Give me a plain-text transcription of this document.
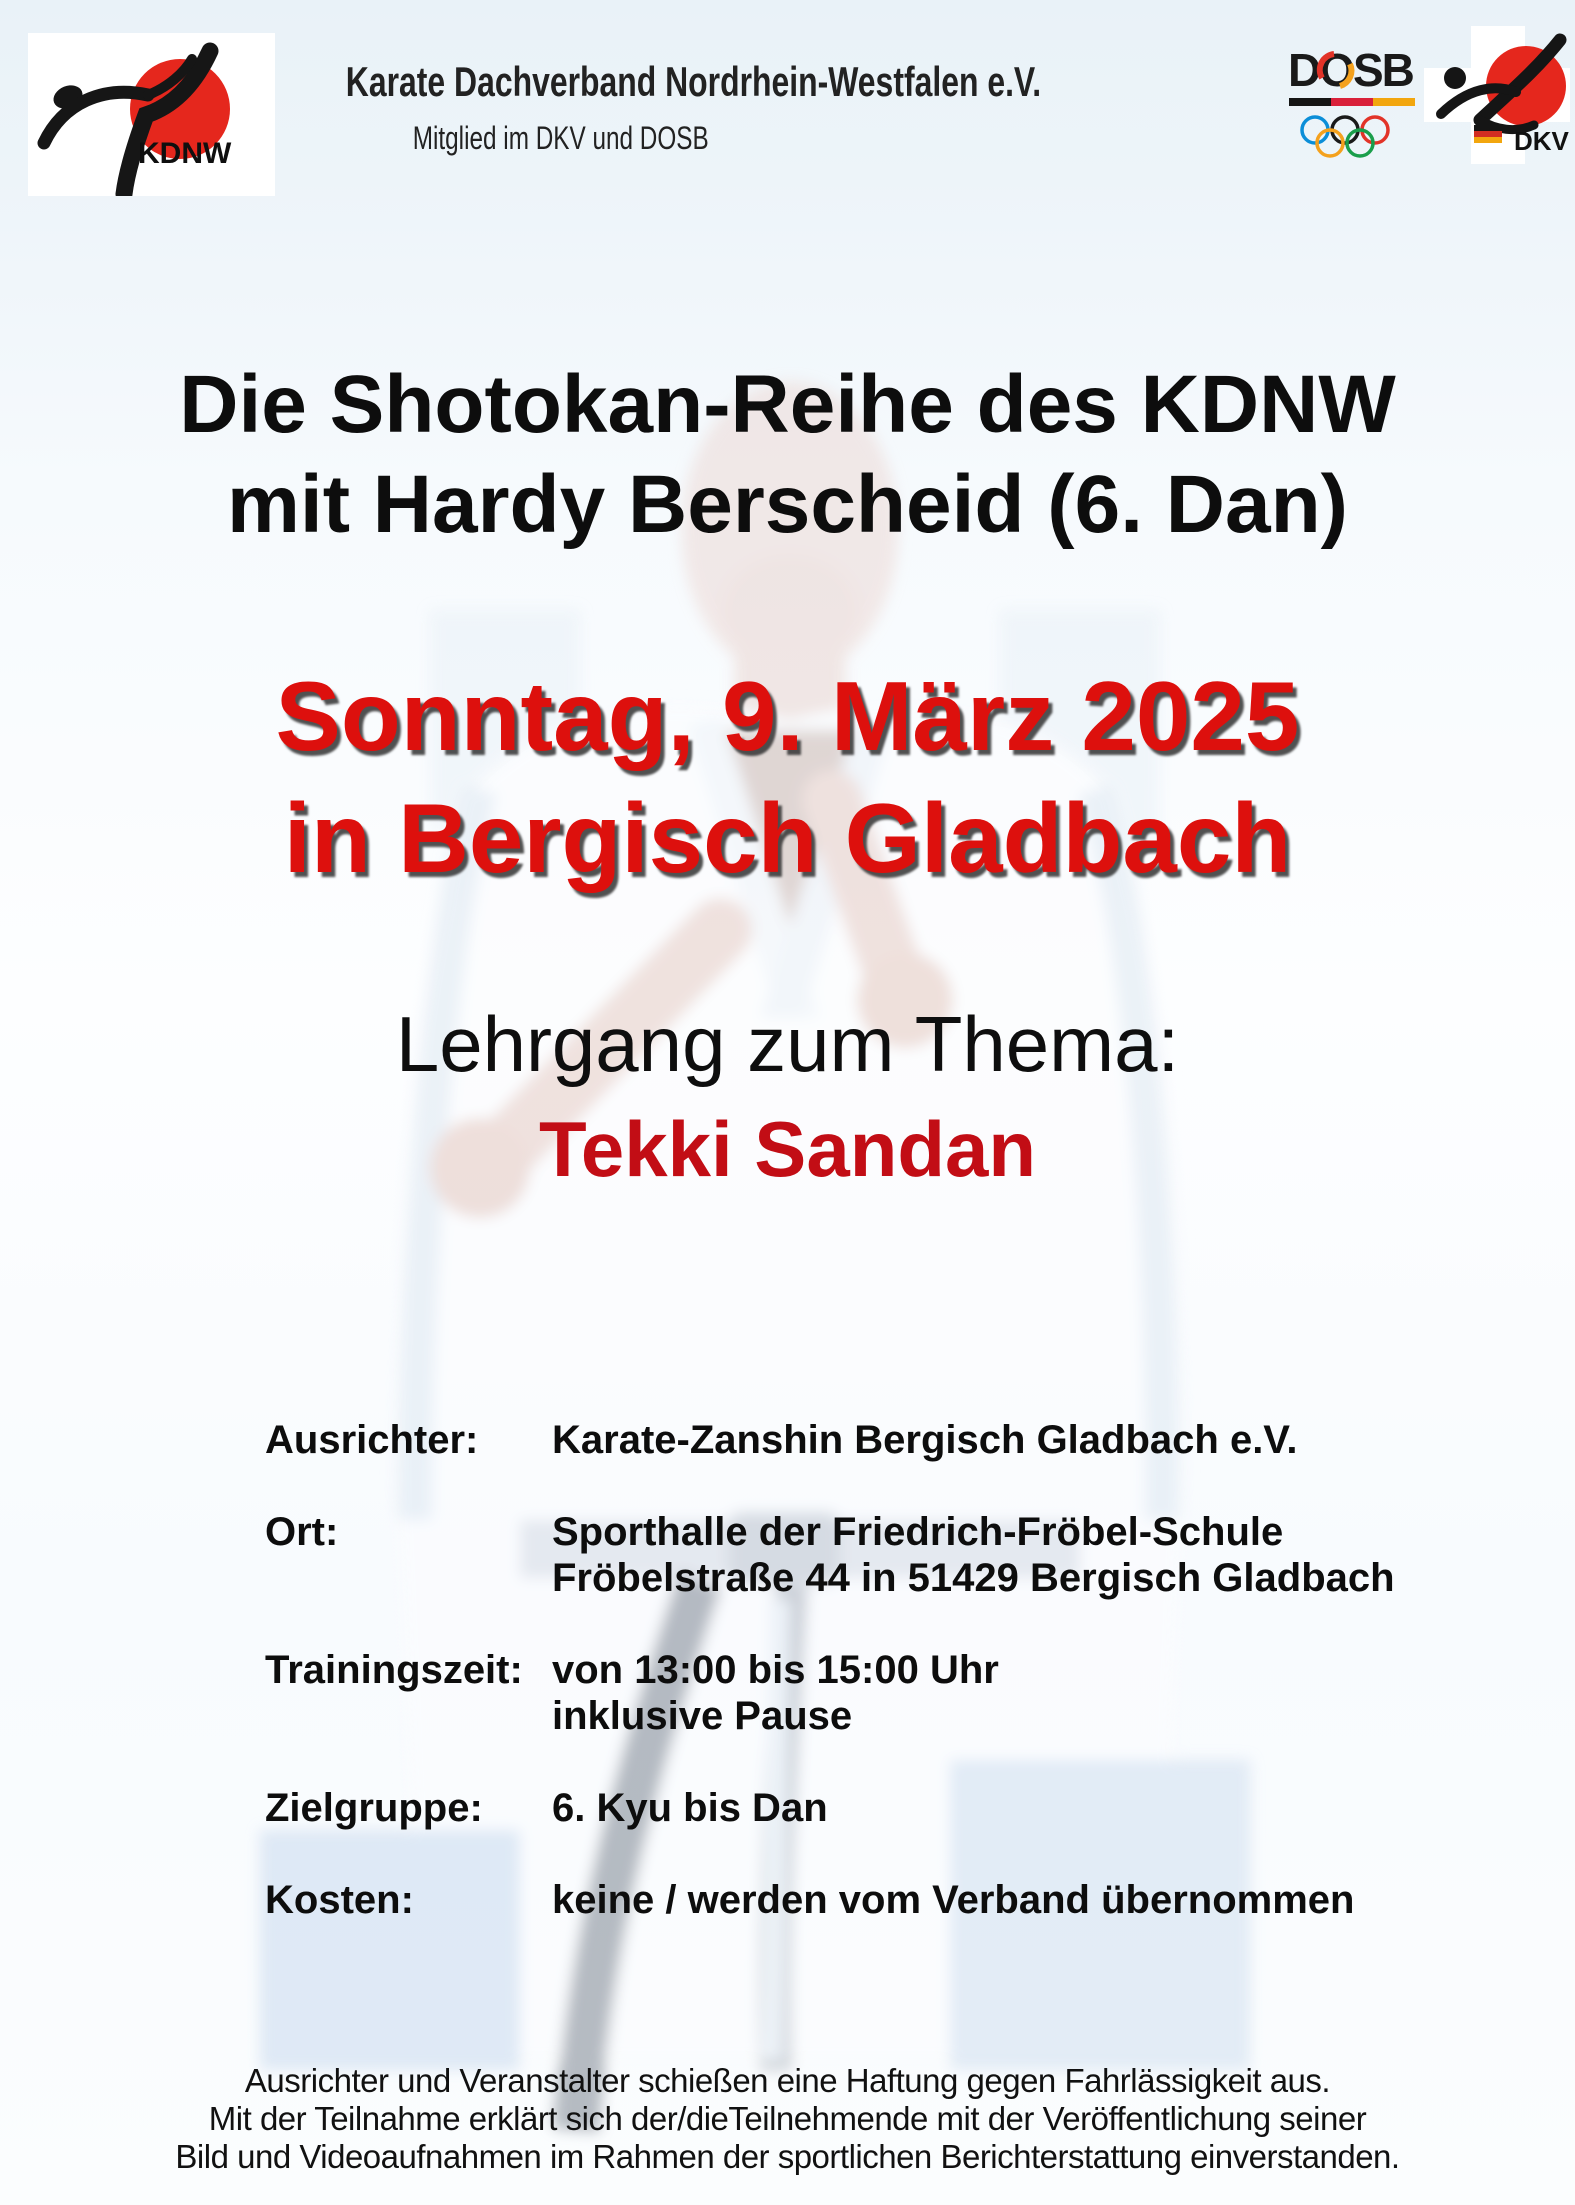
KDNW
Karate Dachverband Nordrhein-Westfalen e.V.
Mitglied im DKV und DOSB
DOSB
DKV
Die Shotokan-Reihe des KDNW
mit Hardy Berscheid (6. Dan)
Sonntag, 9. März 2025
in Bergisch Gladbach
Lehrgang zum Thema:
Tekki Sandan
Ausrichter:	Karate-Zanshin Bergisch Gladbach e.V.
Ort:	Sporthalle der Friedrich-Fröbel-Schule
Fröbelstraße 44 in 51429 Bergisch Gladbach
Trainingszeit: von 13:00 bis 15:00 Uhr
inklusive Pause
Zielgruppe:	6. Kyu bis Dan
Kosten:	keine / werden vom Verband übernommen
Ausrichter und Veranstalter schießen eine Haftung gegen Fahrlässigkeit aus.
Mit der Teilnahme erklärt sich der/dieTeilnehmende mit der Veröffentlichung seiner
Bild und Videoaufnahmen im Rahmen der sportlichen Berichterstattung einverstanden.
